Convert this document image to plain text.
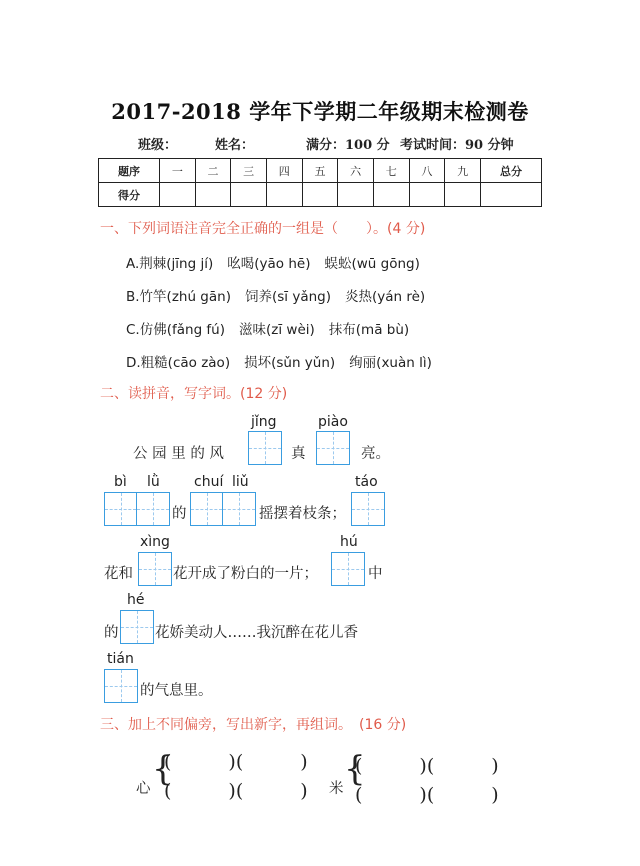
2017-2018 学年下学期二年级期末检测卷
班级：	姓名：	满分：100 分 考试时间：90 分钟
题序	一	二	三	四	五	六	七	八	九	总分
得分										
一、下列词语注音完全正确的一组是（　　）。(4 分)
A.荆棘(jīng jí) 吆喝(yāo hē) 蜈蚣(wū gōng)
B.竹竿(zhú gān) 饲养(sī yǎng) 炎热(yán rè)
C.仿佛(fǎng fú) 滋味(zī wèi) 抹布(mā bù)
D.粗糙(cāo zào) 损坏(sǔn yǔn) 绚丽(xuàn lì)
二、读拼音，写字词。(12 分)
jǐng	piào
公 园 里 的 风	真	亮。
bì lǜ chuí liǔ	táo
的	摇摆着枝条；
xìng	hú
花和	花开成了粉白的一片；	中
hé
的	花娇美动人……我沉醉在花儿香
tián
的气息里。
三、加上不同偏旁，写出新字，再组词。　(16 分)
心 {
(　　　)(　　　)
(　　　)(　　　) 米 {
(　　　)(　　　)
(　　　)(　　　)
